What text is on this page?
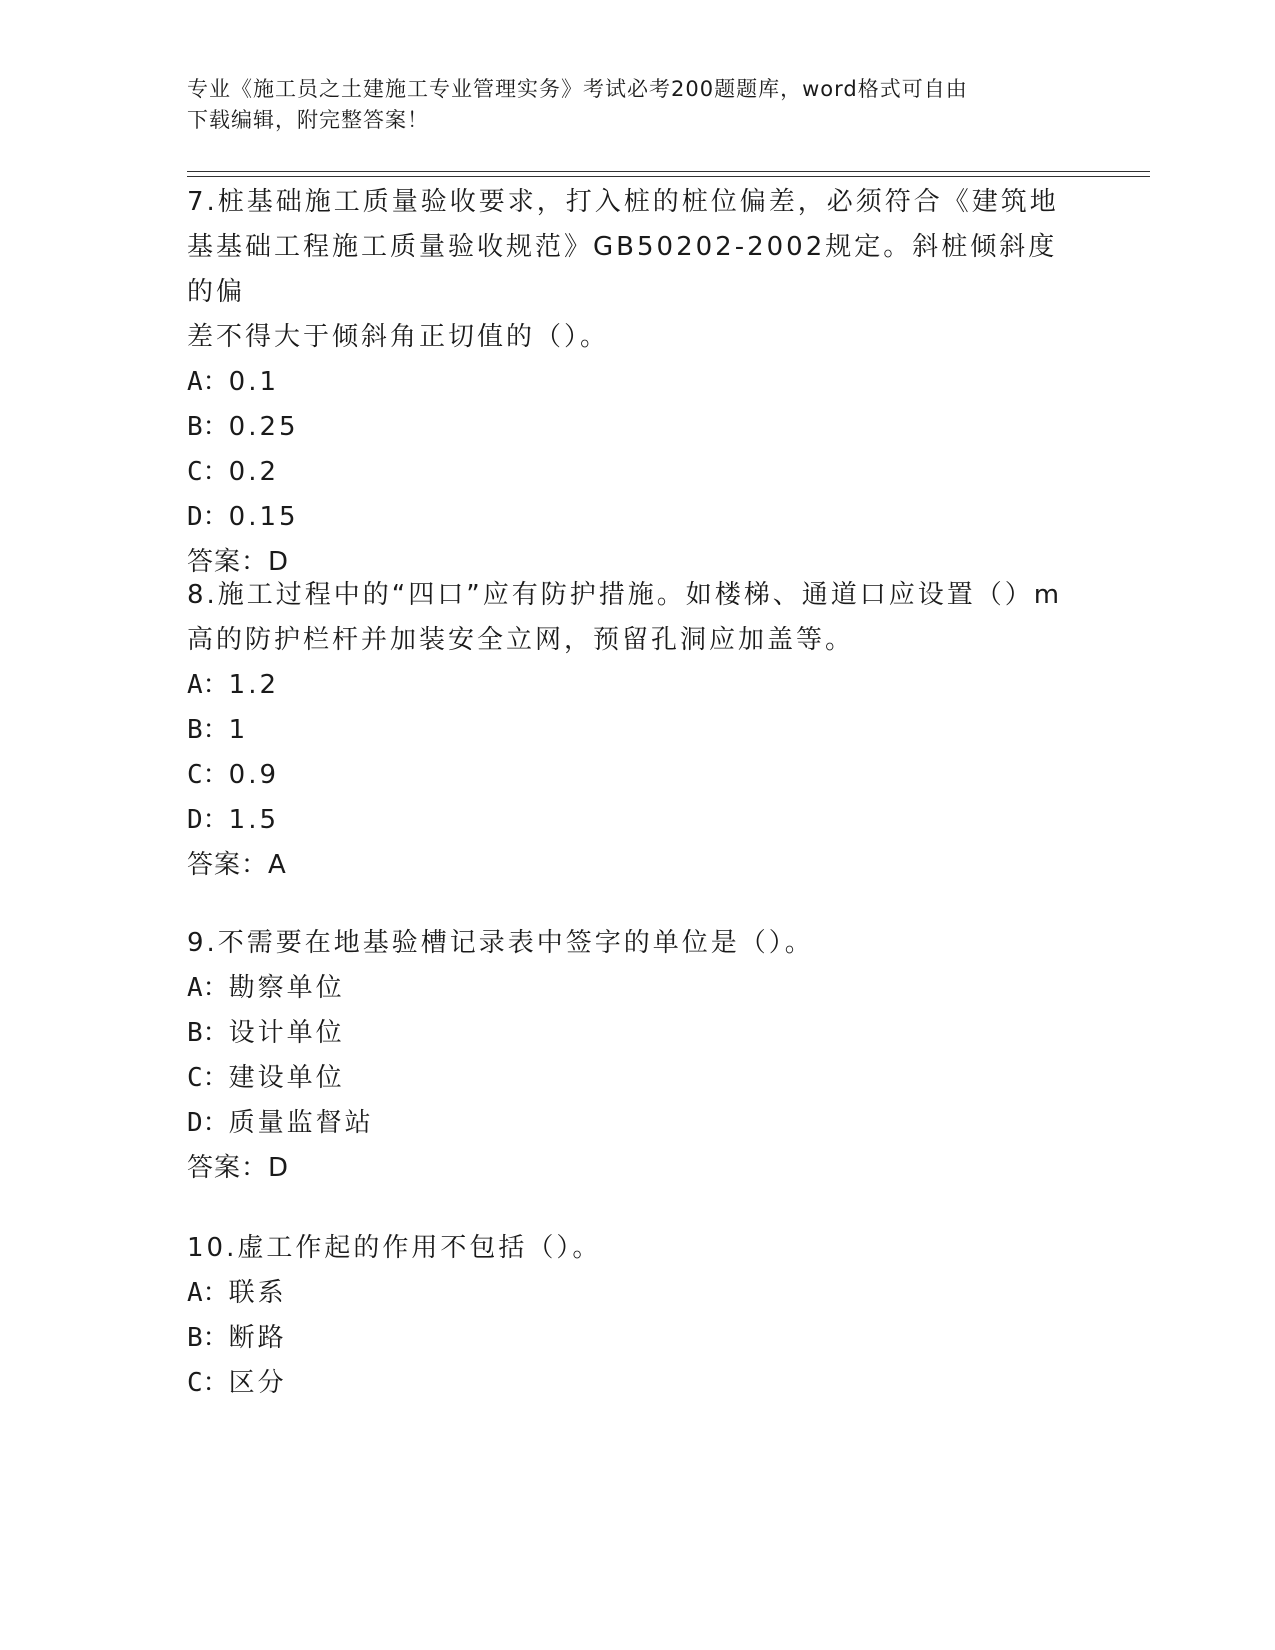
专业《施工员之土建施工专业管理实务》考试必考200题题库，word格式可自由
下载编辑，附完整答案！

7.桩基础施工质量验收要求，打入桩的桩位偏差，必须符合《建筑地

基基础工程施工质量验收规范》GB50202-2002规定。斜桩倾斜度的偏

差不得大于倾斜角正切值的（）。

A：0.1

B：0.25

C：0.2

D：0.15

答案：D

8.施工过程中的“四口”应有防护措施。如楼梯、通道口应设置（）m

高的防护栏杆并加装安全立网，预留孔洞应加盖等。

A：1.2

B：1

C：0.9

D：1.5

答案：A

9.不需要在地基验槽记录表中签字的单位是（）。

A：勘察单位

B：设计单位

C：建设单位

D：质量监督站

答案：D

10.虚工作起的作用不包括（）。

A：联系

B：断路

C：区分
